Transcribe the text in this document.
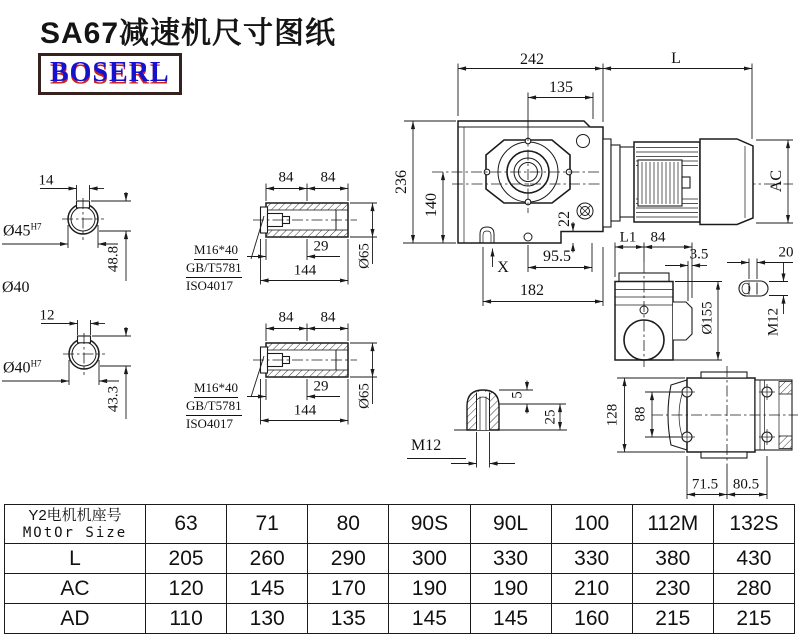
SA67减速机尺寸图纸
BOSERL
14
$Ø45^{H7}$
48.8
Ø40
12
$Ø40^{H7}$
43.3
M16*40
GB/T5781
ISO4017
M16*40
GB/T5781
ISO4017
84 84
29
144
Ø65
84 84
29
144
Ø65
242	L
135
236
140
AC
22
X
95.5
182
L1 84
3.5	20
Ø155	M12
5
25
M12
128 88
71.5 80.5
Y2电机机座号
MOtOr Size	63	71	80	90S	90L	100	112M	132S
L	205	260	290	300	330	330	380	430
AC	120	145	170	190	190	210	230	280
AD	110	130	135	145	145	160	215	215
